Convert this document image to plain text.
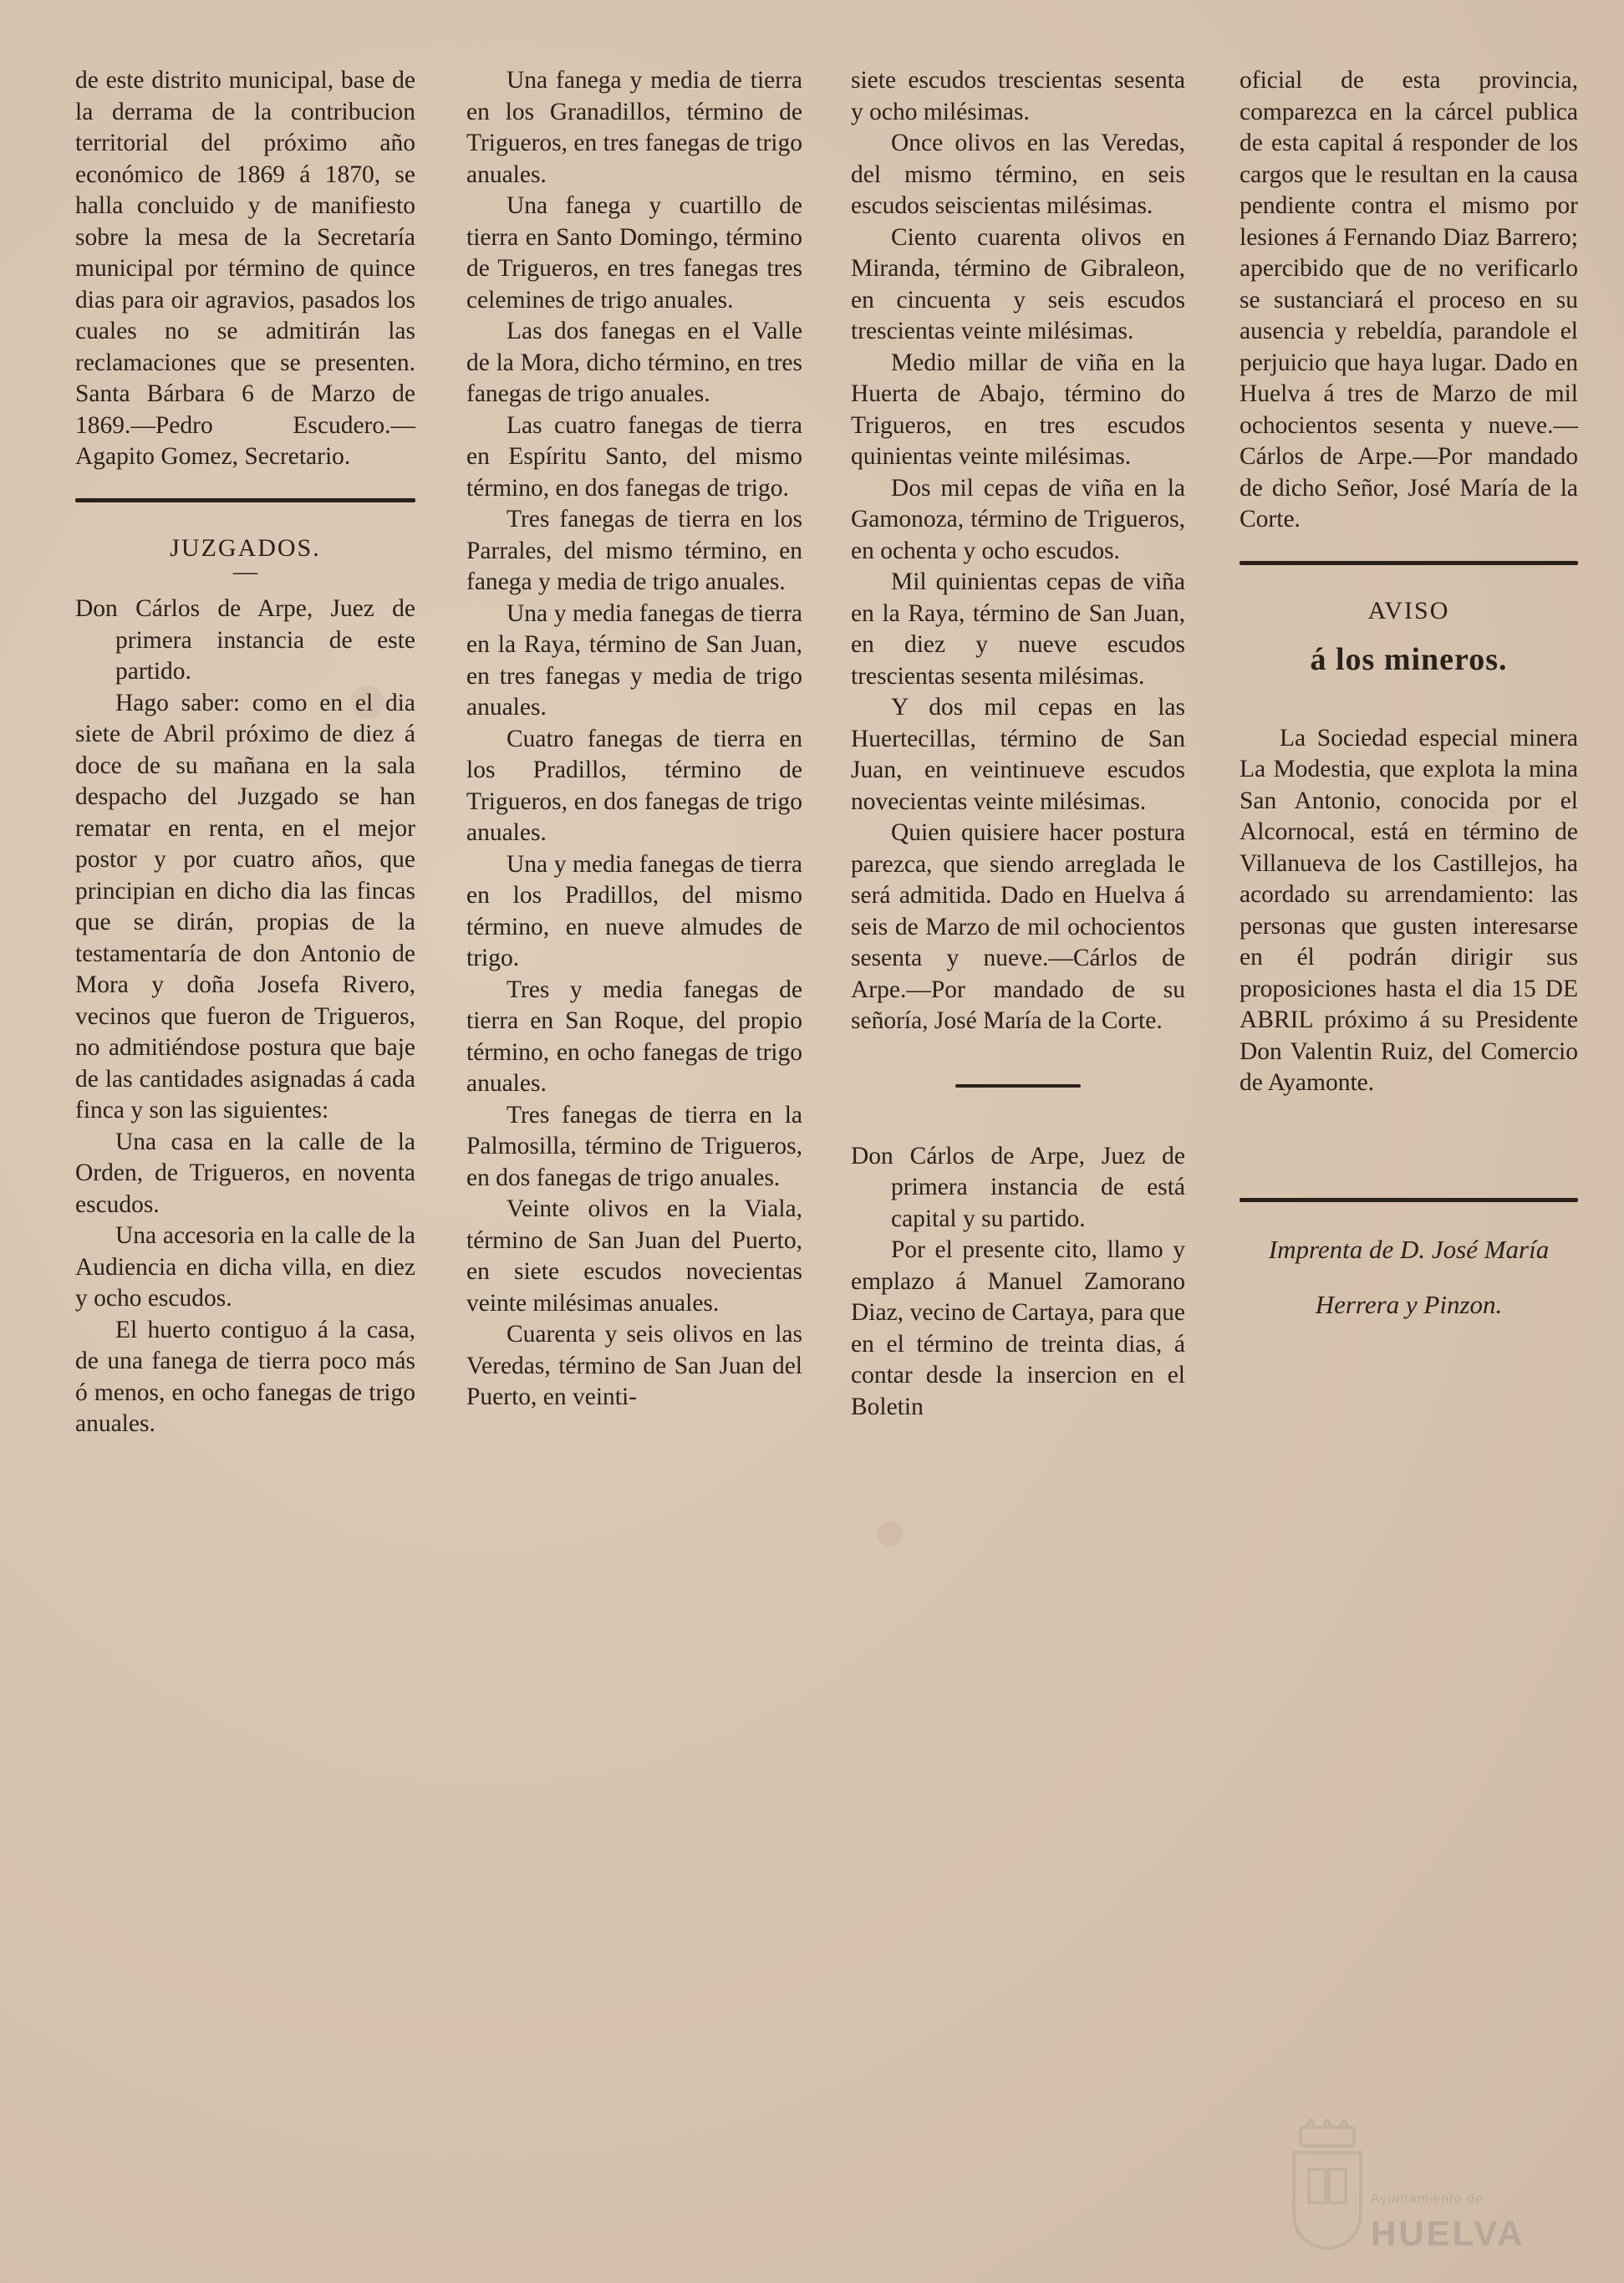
de este distrito municipal, base de la derrama de la contribucion territorial del próximo año económico de 1869 á 1870, se halla concluido y de manifiesto sobre la mesa de la Secretaría municipal por término de quince dias para oir agravios, pasados los cuales no se admitirán las reclamaciones que se presenten. Santa Bárbara 6 de Marzo de 1869.—Pedro Escudero.—Agapito Gomez, Secretario.

JUZGADOS.
—

Don Cárlos de Arpe, Juez de primera instancia de este partido.

Hago saber: como en el dia siete de Abril próximo de diez á doce de su mañana en la sala despacho del Juzgado se han rematar en renta, en el mejor postor y por cuatro años, que principian en dicho dia las fincas que se dirán, propias de la testamentaría de don Antonio de Mora y doña Josefa Rivero, vecinos que fueron de Trigueros, no admitiéndose postura que baje de las cantidades asignadas á cada finca y son las siguientes:

Una casa en la calle de la Orden, de Trigueros, en noventa escudos.

Una accesoria en la calle de la Audiencia en dicha villa, en diez y ocho escudos.

El huerto contiguo á la casa, de una fanega de tierra poco más ó menos, en ocho fanegas de trigo anuales.

Una fanega y media de tierra en los Granadillos, término de Trigueros, en tres fanegas de trigo anuales.

Una fanega y cuartillo de tierra en Santo Domingo, término de Trigueros, en tres fanegas tres celemines de trigo anuales.

Las dos fanegas en el Valle de la Mora, dicho término, en tres fanegas de trigo anuales.

Las cuatro fanegas de tierra en Espíritu Santo, del mismo término, en dos fanegas de trigo.

Tres fanegas de tierra en los Parrales, del mismo término, en fanega y media de trigo anuales.

Una y media fanegas de tierra en la Raya, término de San Juan, en tres fanegas y media de trigo anuales.

Cuatro fanegas de tierra en los Pradillos, término de Trigueros, en dos fanegas de trigo anuales.

Una y media fanegas de tierra en los Pradillos, del mismo término, en nueve almudes de trigo.

Tres y media fanegas de tierra en San Roque, del propio término, en ocho fanegas de trigo anuales.

Tres fanegas de tierra en la Palmosilla, término de Trigueros, en dos fanegas de trigo anuales.

Veinte olivos en la Viala, término de San Juan del Puerto, en siete escudos novecientas veinte milésimas anuales.

Cuarenta y seis olivos en las Veredas, término de San Juan del Puerto, en veinti-

siete escudos trescientas sesenta y ocho milésimas.

Once olivos en las Veredas, del mismo término, en seis escudos seiscientas milésimas.

Ciento cuarenta olivos en Miranda, término de Gibraleon, en cincuenta y seis escudos trescientas veinte milésimas.

Medio millar de viña en la Huerta de Abajo, término do Trigueros, en tres escudos quinientas veinte milésimas.

Dos mil cepas de viña en la Gamonoza, término de Trigueros, en ochenta y ocho escudos.

Mil quinientas cepas de viña en la Raya, término de San Juan, en diez y nueve escudos trescientas sesenta milésimas.

Y dos mil cepas en las Huertecillas, término de San Juan, en veintinueve escudos novecientas veinte milésimas.

Quien quisiere hacer postura parezca, que siendo arreglada le será admitida. Dado en Huelva á seis de Marzo de mil ochocientos sesenta y nueve.—Cárlos de Arpe.—Por mandado de su señoría, José María de la Corte.

Don Cárlos de Arpe, Juez de primera instancia de está capital y su partido.

Por el presente cito, llamo y emplazo á Manuel Zamorano Diaz, vecino de Cartaya, para que en el término de treinta dias, á contar desde la insercion en el Boletin

oficial de esta provincia, comparezca en la cárcel publica de esta capital á responder de los cargos que le resultan en la causa pendiente contra el mismo por lesiones á Fernando Diaz Barrero; apercibido que de no verificarlo se sustanciará el proceso en su ausencia y rebeldía, parandole el perjuicio que haya lugar. Dado en Huelva á tres de Marzo de mil ochocientos sesenta y nueve.—Cárlos de Arpe.—Por mandado de dicho Señor, José María de la Corte.

AVISO
á los mineros.

La Sociedad especial minera La Modestia, que explota la mina San Antonio, conocida por el Alcornocal, está en término de Villanueva de los Castillejos, ha acordado su arrendamiento: las personas que gusten interesarse en él podrán dirigir sus proposiciones hasta el dia 15 DE ABRIL próximo á su Presidente Don Valentin Ruiz, del Comercio de Ayamonte.

Imprenta de D. José María
Herrera y Pinzon.
Ayuntamiento de
HUELVA
